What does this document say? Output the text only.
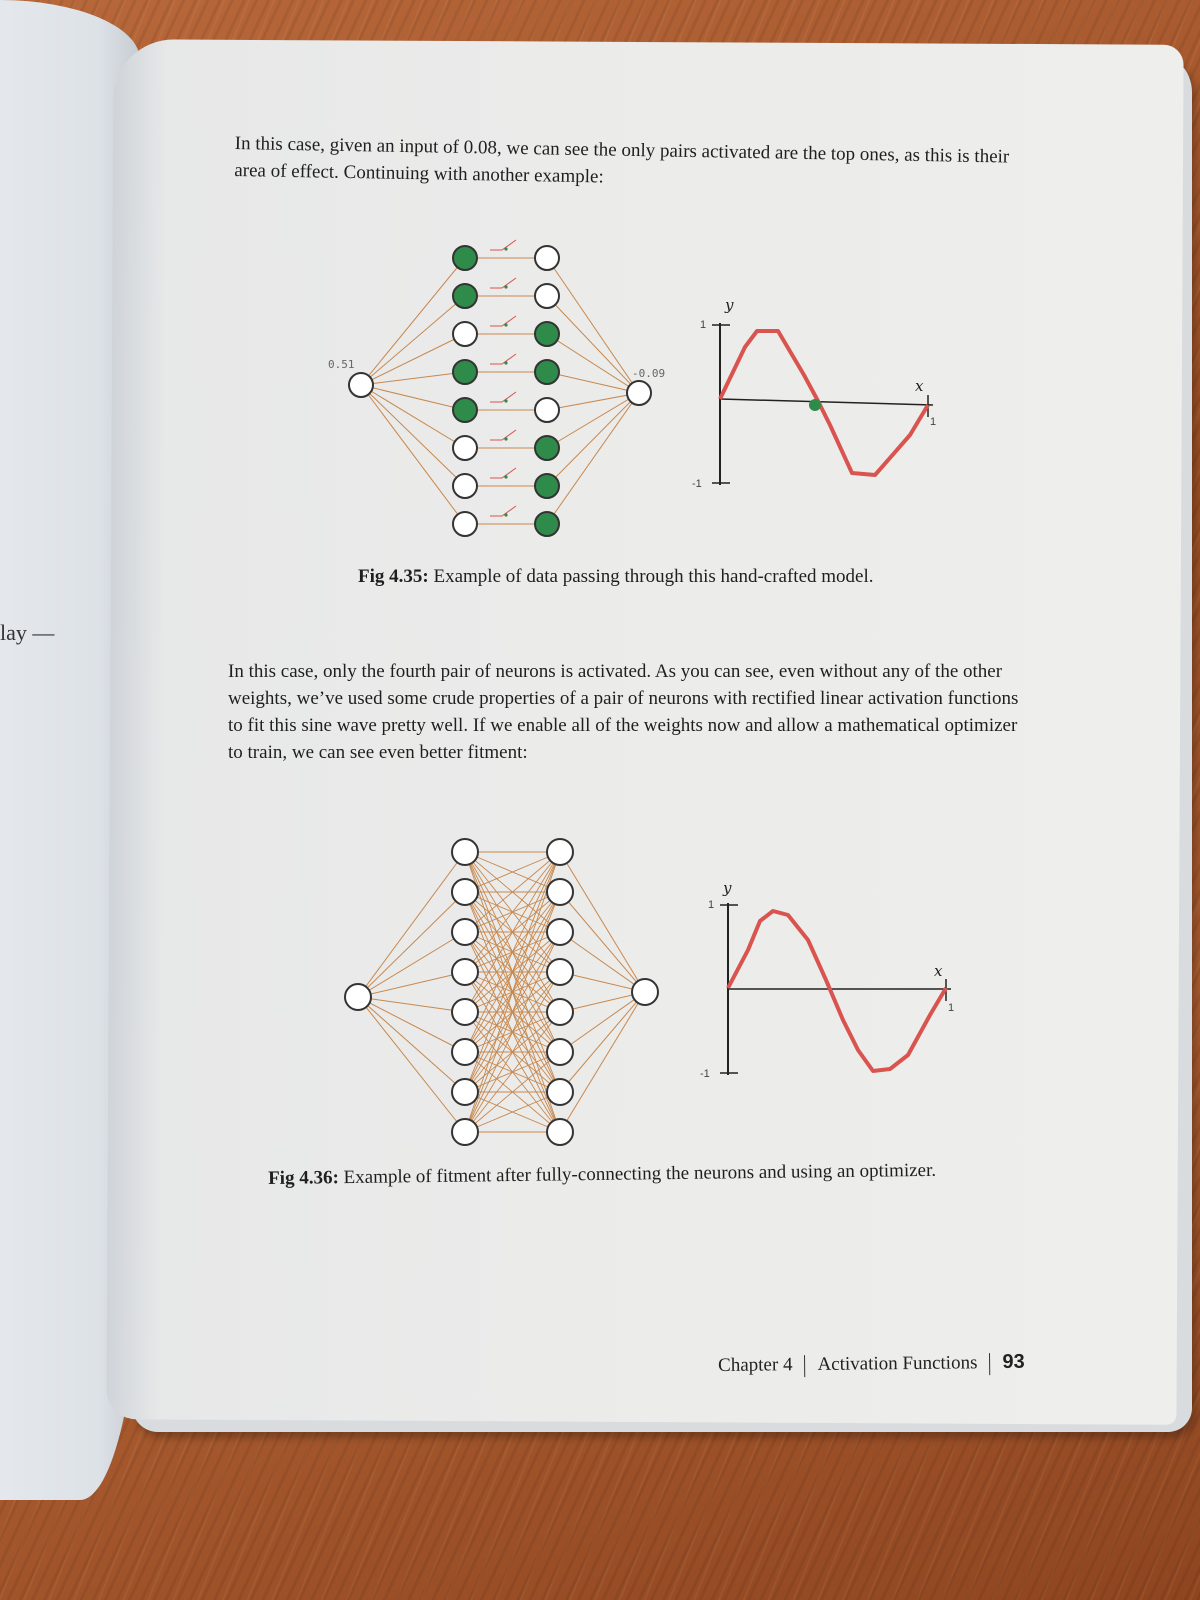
lay —
In this case, given an input of 0.08, we can see the only pairs activated are the top ones, as this is their area of effect. Continuing with another example:
0.51
-0.09
y
x
1
-1
1
Fig 4.35: Example of data passing through this hand-crafted model.
In this case, only the fourth pair of neurons is activated. As you can see, even without any of the other weights, we’ve used some crude properties of a pair of neurons with rectified linear activation functions to fit this sine wave pretty well. If we enable all of the weights now and allow a mathematical optimizer to train, we can see even better fitment:
y
x
1
-1
1
Fig 4.36: Example of fitment after fully-connecting the neurons and using an optimizer.
Chapter 4 Activation Functions 93
